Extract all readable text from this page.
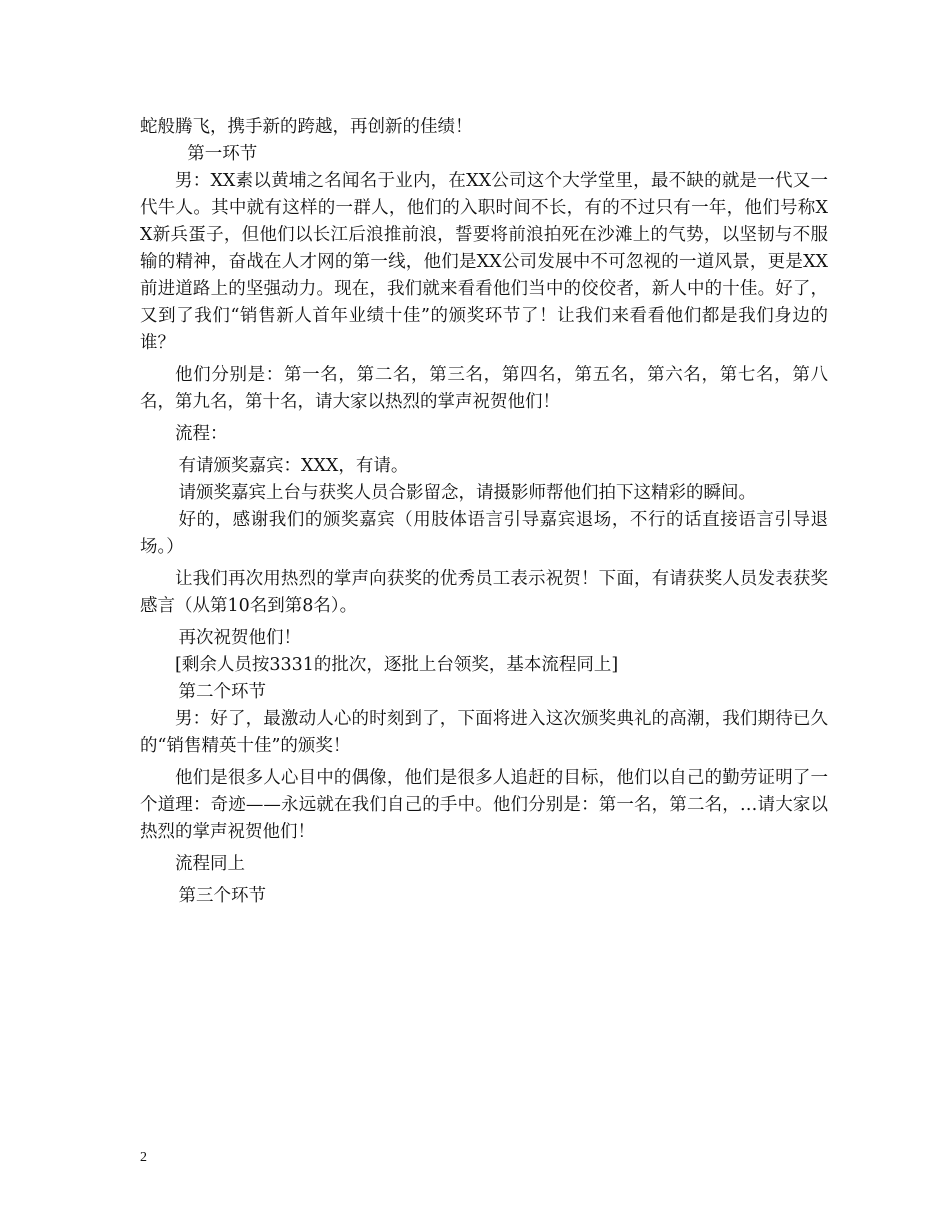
蛇般腾飞，携手新的跨越，再创新的佳绩！

第一环节

男：XX素以黄埔之名闻名于业内，在XX公司这个大学堂里，最不缺的就是一代又一代牛人。其中就有这样的一群人，他们的入职时间不长，有的不过只有一年，他们号称XX新兵蛋子，但他们以长江后浪推前浪，誓要将前浪拍死在沙滩上的气势，以坚韧与不服输的精神，奋战在人才网的第一线，他们是XX公司发展中不可忽视的一道风景，更是XX前进道路上的坚强动力。现在，我们就来看看他们当中的佼佼者，新人中的十佳。好了，又到了我们“销售新人首年业绩十佳”的颁奖环节了！让我们来看看他们都是我们身边的谁？

他们分别是：第一名，第二名，第三名，第四名，第五名，第六名，第七名，第八名，第九名，第十名，请大家以热烈的掌声祝贺他们！

流程：

有请颁奖嘉宾：XXX，有请。

请颁奖嘉宾上台与获奖人员合影留念，请摄影师帮他们拍下这精彩的瞬间。

好的，感谢我们的颁奖嘉宾（用肢体语言引导嘉宾退场，不行的话直接语言引导退场。）

让我们再次用热烈的掌声向获奖的优秀员工表示祝贺！下面，有请获奖人员发表获奖感言（从第10名到第8名）。

再次祝贺他们！

[剩余人员按3331的批次，逐批上台领奖，基本流程同上]

第二个环节

男：好了，最激动人心的时刻到了，下面将进入这次颁奖典礼的高潮，我们期待已久的“销售精英十佳”的颁奖！

他们是很多人心目中的偶像，他们是很多人追赶的目标，他们以自己的勤劳证明了一个道理：奇迹——永远就在我们自己的手中。他们分别是：第一名，第二名，…请大家以热烈的掌声祝贺他们！

流程同上

第三个环节

2
